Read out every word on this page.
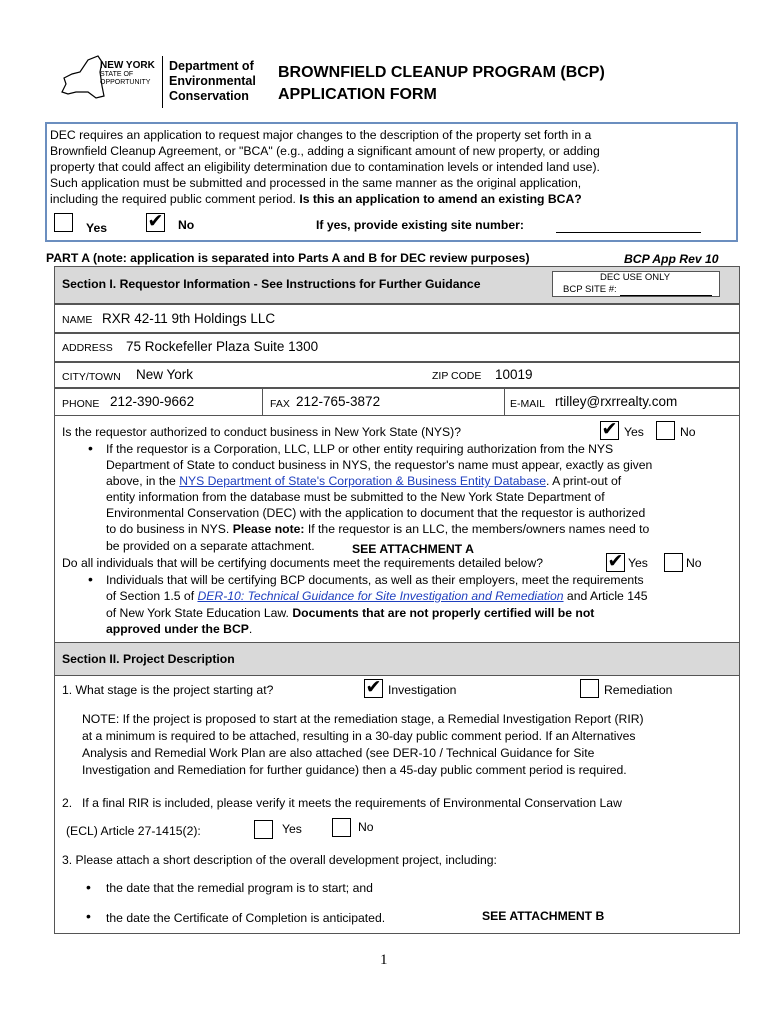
NEW YORK
STATE OF
OPPORTUNITY
Department of
Environmental
Conservation
BROWNFIELD CLEANUP PROGRAM (BCP)
APPLICATION FORM
DEC requires an application to request major changes to the description of the property set forth in a
Brownfield Cleanup Agreement, or "BCA" (e.g., adding a significant amount of new property, or adding
property that could affect an eligibility determination due to contamination levels or intended land use).
Such application must be submitted and processed in the same manner as the original application,
including the required public comment period. Is this an application to amend an existing BCA?
Yes ✔ No	If yes, provide existing site number:
PART A (note: application is separated into Parts A and B for DEC review purposes)	BCP App Rev 10
Section I. Requestor Information - See Instructions for Further Guidance	DEC USE ONLY
BCP SITE #:
NAME RXR 42-11 9th Holdings LLC
ADDRESS 75 Rockefeller Plaza Suite 1300
CITY/TOWN New York	ZIP CODE 10019
PHONE 212-390-9662	FAX 212-765-3872	E-MAIL rtilley@rxrrealty.com
Is the requestor authorized to conduct business in New York State (NYS)?	✔ Yes	No
• If the requestor is a Corporation, LLC, LLP or other entity requiring authorization from the NYS
Department of State to conduct business in NYS, the requestor's name must appear, exactly as given
above, in the NYS Department of State's Corporation & Business Entity Database. A print-out of
entity information from the database must be submitted to the New York State Department of
Environmental Conservation (DEC) with the application to document that the requestor is authorized
to do business in NYS. Please note: If the requestor is an LLC, the members/owners names need to
be provided on a separate attachment.	SEE ATTACHMENT A
Do all individuals that will be certifying documents meet the requirements detailed below?	✔ Yes	No
• Individuals that will be certifying BCP documents, as well as their employers, meet the requirements
of Section 1.5 of DER-10: Technical Guidance for Site Investigation and Remediation and Article 145
of New York State Education Law. Documents that are not properly certified will be not
approved under the BCP.
Section II. Project Description
1. What stage is the project starting at?	✔ Investigation	Remediation
NOTE: If the project is proposed to start at the remediation stage, a Remedial Investigation Report (RIR)
at a minimum is required to be attached, resulting in a 30-day public comment period. If an Alternatives
Analysis and Remedial Work Plan are also attached (see DER-10 / Technical Guidance for Site
Investigation and Remediation for further guidance) then a 45-day public comment period is required.
2. If a final RIR is included, please verify it meets the requirements of Environmental Conservation Law
(ECL) Article 27-1415(2):	Yes	No
3. Please attach a short description of the overall development project, including:
• the date that the remedial program is to start; and
• the date the Certificate of Completion is anticipated.	SEE ATTACHMENT B
1
